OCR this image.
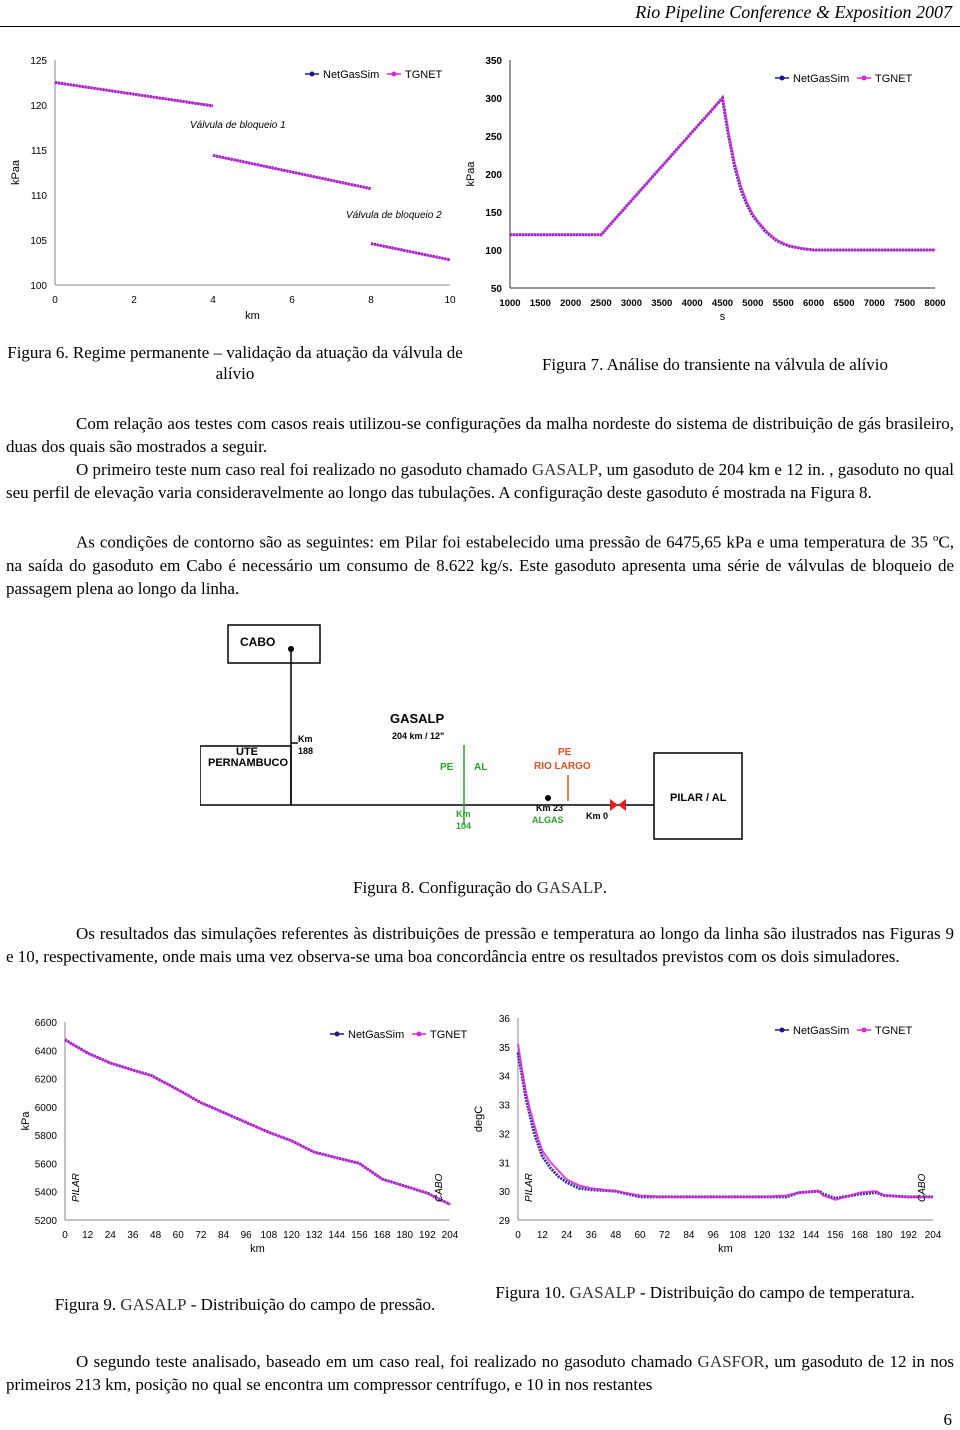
Rio Pipeline Conference & Exposition 2007
100
105
110
115
120
125
0	2	4	6	8	10
km
kPaa
NetGasSim TGNET
Válvula de bloqueio 1
Válvula de bloqueio 2
Figura 6. Regime permanente – validação da atuação da válvula de alívio
50
100
150
200
250
300
350
1000 1500 2000 2500 3000 3500 4000 4500 5000 5500 6000 6500 7000 7500 8000
s
kPaa
NetGasSim TGNET
Figura 7. Análise do transiente na válvula de alívio

Com relação aos testes com casos reais utilizou-se configurações da malha nordeste do sistema de distribuição de gás brasileiro, duas dos quais são mostrados a seguir.

O primeiro teste num caso real foi realizado no gasoduto chamado GASALP, um gasoduto de 204 km e 12 in. , gasoduto no qual seu perfil de elevação varia consideravelmente ao longo das tubulações. A configuração deste gasoduto é mostrada na Figura 8.

As condições de contorno são as seguintes: em Pilar foi estabelecido uma pressão de 6475,65 kPa e uma temperatura de 35 $^o$C, na saída do gasoduto em Cabo é necessário um consumo de 8.622 kg/s. Este gasoduto apresenta uma série de válvulas de bloqueio de passagem plena ao longo da linha.

CABO
UTE
PERNAMBUCO
Km
188
GASALP
204 km / 12"
PE AL
Km
104
PE
RIO LARGO
Km 23
ALGAS	Km 0
PILAR / AL
Figura 8. Configuração do GASALP.

Os resultados das simulações referentes às distribuições de pressão e temperatura ao longo da linha são ilustrados nas Figuras 9 e 10, respectivamente, onde mais uma vez observa-se uma boa concordância entre os resultados previstos com os dois simuladores.

5200
5400
5600
5800
6000
6200
6400
6600
0 12 24 36 48 60 72 84 96 108 120 132 144 156 168 180 192 204
km
kPa
NetGasSim TGNET
PILAR	CABO
Figura 9. GASALP - Distribuição do campo de pressão.
29
30
31
32
33
34
35
36
0 12 24 36 48 60 72 84 96 108 120 132 144 156 168 180 192 204
km
degC
NetGasSim TGNET
PILAR	CABO
Figura 10. GASALP - Distribuição do campo de temperatura.

O segundo teste analisado, baseado em um caso real, foi realizado no gasoduto chamado GASFOR, um gasoduto de 12 in nos primeiros 213 km, posição no qual se encontra um compressor centrífugo, e 10 in nos restantes

6
